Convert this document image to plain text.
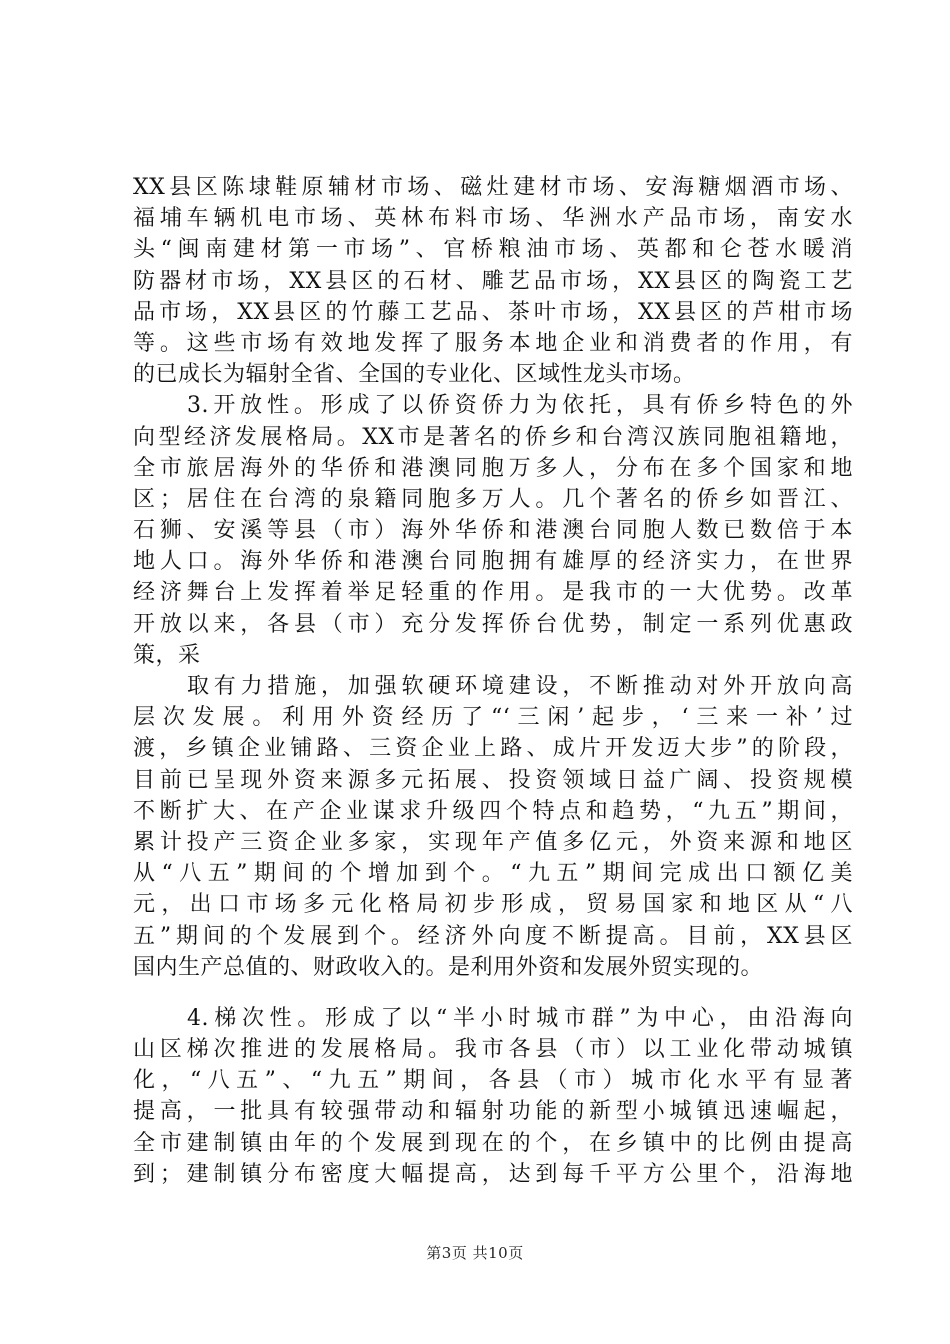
XX县区陈埭鞋原辅材市场、磁灶建材市场、安海糖烟酒市场、
福埔车辆机电市场、英林布料市场、华洲水产品市场，南安水
头“闽南建材第一市场”、官桥粮油市场、英都和仑苍水暖消
防器材市场，XX县区的石材、雕艺品市场，XX县区的陶瓷工艺
品市场，XX县区的竹藤工艺品、茶叶市场，XX县区的芦柑市场
等。这些市场有效地发挥了服务本地企业和消费者的作用，有
的已成长为辐射全省、全国的专业化、区域性龙头市场。
3.开放性。形成了以侨资侨力为依托，具有侨乡特色的外
向型经济发展格局。XX市是著名的侨乡和台湾汉族同胞祖籍地，
全市旅居海外的华侨和港澳同胞万多人，分布在多个国家和地
区；居住在台湾的泉籍同胞多万人。几个著名的侨乡如晋江、
石狮、安溪等县（市）海外华侨和港澳台同胞人数已数倍于本
地人口。海外华侨和港澳台同胞拥有雄厚的经济实力，在世界
经济舞台上发挥着举足轻重的作用。是我市的一大优势。改革
开放以来，各县（市）充分发挥侨台优势，制定一系列优惠政
策，采
取有力措施，加强软硬环境建设，不断推动对外开放向高
层次发展。利用外资经历了“‘三闲’起步，‘三来一补’过
渡，乡镇企业铺路、三资企业上路、成片开发迈大步”的阶段，
目前已呈现外资来源多元拓展、投资领域日益广阔、投资规模
不断扩大、在产企业谋求升级四个特点和趋势，“九五”期间，
累计投产三资企业多家，实现年产值多亿元，外资来源和地区
从“八五”期间的个增加到个。“九五”期间完成出口额亿美
元，出口市场多元化格局初步形成，贸易国家和地区从“八
五”期间的个发展到个。经济外向度不断提高。目前，XX县区
国内生产总值的、财政收入的。是利用外资和发展外贸实现的。
4.梯次性。形成了以“半小时城市群”为中心，由沿海向
山区梯次推进的发展格局。我市各县（市）以工业化带动城镇
化，“八五”、“九五”期间，各县（市）城市化水平有显著
提高，一批具有较强带动和辐射功能的新型小城镇迅速崛起，
全市建制镇由年的个发展到现在的个，在乡镇中的比例由提高
到；建制镇分布密度大幅提高，达到每千平方公里个，沿海地
第3页 共10页
